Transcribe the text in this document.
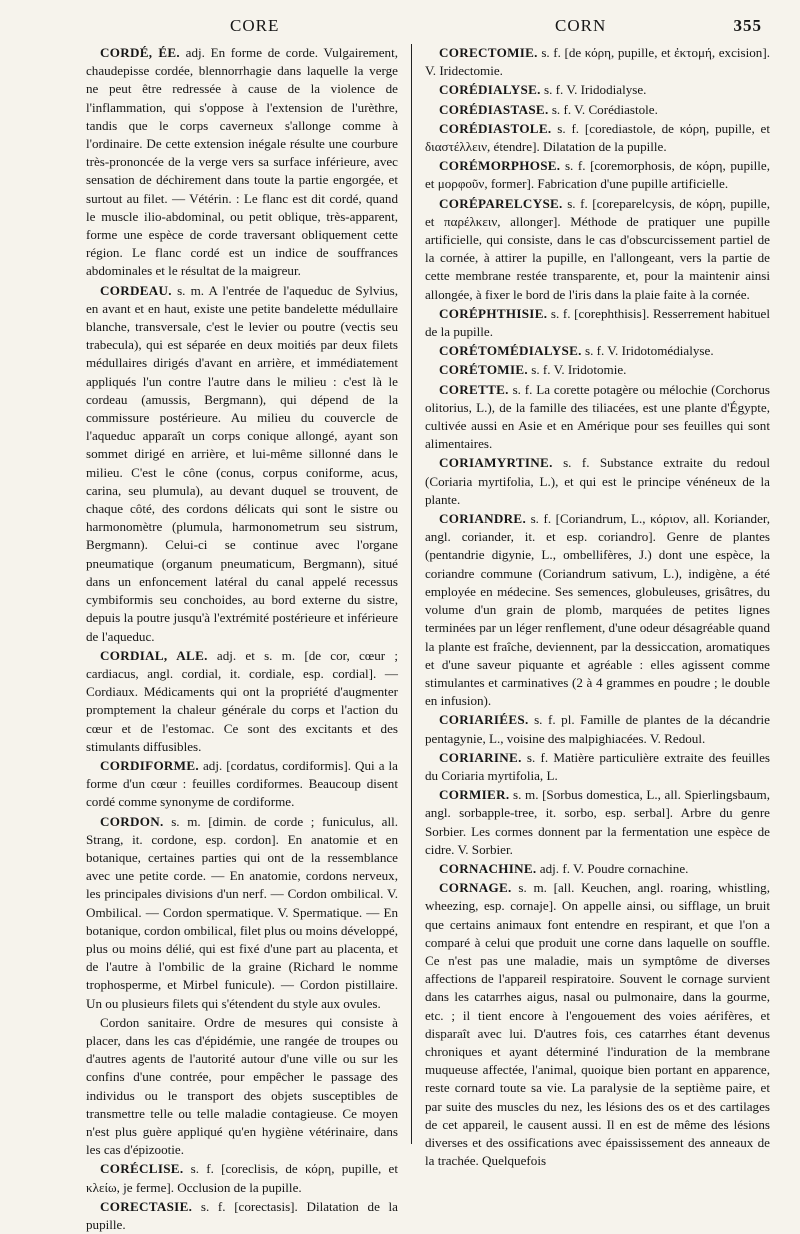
CORE	CORN	355

CORDÉ, ÉE. adj. En forme de corde. Vulgairement, chaudepisse cordée, blennorrhagie dans laquelle la verge ne peut être redressée à cause de la violence de l'inflammation, qui s'oppose à l'extension de l'urèthre, tandis que le corps caverneux s'allonge comme à l'ordinaire. De cette extension inégale résulte une courbure très-prononcée de la verge vers sa surface inférieure, avec sensation de déchirement dans toute la partie engorgée, et surtout au filet. — Vétérin. : Le flanc est dit cordé, quand le muscle ilio-abdominal, ou petit oblique, très-apparent, forme une espèce de corde traversant obliquement cette région. Le flanc cordé est un indice de souffrances abdominales et le résultat de la maigreur.

CORDEAU. s. m. A l'entrée de l'aqueduc de Sylvius, en avant et en haut, existe une petite bandelette médullaire blanche, transversale, c'est le levier ou poutre (vectis seu trabecula), qui est séparée en deux moitiés par deux filets médullaires dirigés d'avant en arrière, et immédiatement appliqués l'un contre l'autre dans le milieu : c'est là le cordeau (amussis, Bergmann), qui dépend de la commissure postérieure. Au milieu du couvercle de l'aqueduc apparaît un corps conique allongé, ayant son sommet dirigé en arrière, et lui-même sillonné dans le milieu. C'est le cône (conus, corpus coniforme, acus, carina, seu plumula), au devant duquel se trouvent, de chaque côté, des cordons délicats qui sont le sistre ou harmonomètre (plumula, harmonometrum seu sistrum, Bergmann). Celui-ci se continue avec l'organe pneumatique (organum pneumaticum, Bergmann), situé dans un enfoncement latéral du canal appelé recessus cymbiformis seu conchoides, au bord externe du sistre, depuis la poutre jusqu'à l'extrémité postérieure et inférieure de l'aqueduc.

CORDIAL, ALE. adj. et s. m. [de cor, cœur ; cardiacus, angl. cordial, it. cordiale, esp. cordial]. — Cordiaux. Médicaments qui ont la propriété d'augmenter promptement la chaleur générale du corps et l'action du cœur et de l'estomac. Ce sont des excitants et des stimulants diffusibles.

CORDIFORME. adj. [cordatus, cordiformis]. Qui a la forme d'un cœur : feuilles cordiformes. Beaucoup disent cordé comme synonyme de cordiforme.

CORDON. s. m. [dimin. de corde ; funiculus, all. Strang, it. cordone, esp. cordon]. En anatomie et en botanique, certaines parties qui ont de la ressemblance avec une petite corde. — En anatomie, cordons nerveux, les principales divisions d'un nerf. — Cordon ombilical. V. Ombilical. — Cordon spermatique. V. Spermatique. — En botanique, cordon ombilical, filet plus ou moins développé, plus ou moins délié, qui est fixé d'une part au placenta, et de l'autre à l'ombilic de la graine (Richard le nomme trophosperme, et Mirbel funicule). — Cordon pistillaire. Un ou plusieurs filets qui s'étendent du style aux ovules.

Cordon sanitaire. Ordre de mesures qui consiste à placer, dans les cas d'épidémie, une rangée de troupes ou d'autres agents de l'autorité autour d'une ville ou sur les confins d'une contrée, pour empêcher le passage des individus ou le transport des objets susceptibles de transmettre telle ou telle maladie contagieuse. Ce moyen n'est plus guère appliqué qu'en hygiène vétérinaire, dans les cas d'épizootie.

CORÉCLISE. s. f. [coreclisis, de κόρη, pupille, et κλείω, je ferme]. Occlusion de la pupille.

CORECTASIE. s. f. [corectasis]. Dilatation de la pupille.

CORECTOMIE. s. f. [de κόρη, pupille, et ἐκτομή, excision]. V. Iridectomie.

CORÉDIALYSE. s. f. V. Iridodialyse.

CORÉDIASTASE. s. f. V. Corédiastole.

CORÉDIASTOLE. s. f. [corediastole, de κόρη, pupille, et διαστέλλειν, étendre]. Dilatation de la pupille.

CORÉMORPHOSE. s. f. [coremorphosis, de κόρη, pupille, et μορφοῦν, former]. Fabrication d'une pupille artificielle.

CORÉPARELCYSE. s. f. [coreparelcysis, de κόρη, pupille, et παρέλκειν, allonger]. Méthode de pratiquer une pupille artificielle, qui consiste, dans le cas d'obscurcissement partiel de la cornée, à attirer la pupille, en l'allongeant, vers la partie de cette membrane restée transparente, et, pour la maintenir ainsi allongée, à fixer le bord de l'iris dans la plaie faite à la cornée.

CORÉPHTHISIE. s. f. [corephthisis]. Resserrement habituel de la pupille.

CORÉTOMÉDIALYSE. s. f. V. Iridotomédialyse.

CORÉTOMIE. s. f. V. Iridotomie.

CORETTE. s. f. La corette potagère ou mélochie (Corchorus olitorius, L.), de la famille des tiliacées, est une plante d'Égypte, cultivée aussi en Asie et en Amérique pour ses feuilles qui sont alimentaires.

CORIAMYRTINE. s. f. Substance extraite du redoul (Coriaria myrtifolia, L.), et qui est le principe vénéneux de la plante.

CORIANDRE. s. f. [Coriandrum, L., κόριον, all. Koriander, angl. coriander, it. et esp. coriandro]. Genre de plantes (pentandrie digynie, L., ombellifères, J.) dont une espèce, la coriandre commune (Coriandrum sativum, L.), indigène, a été employée en médecine. Ses semences, globuleuses, grisâtres, du volume d'un grain de plomb, marquées de petites lignes terminées par un léger renflement, d'une odeur désagréable quand la plante est fraîche, deviennent, par la dessiccation, aromatiques et d'une saveur piquante et agréable : elles agissent comme stimulantes et carminatives (2 à 4 grammes en poudre ; le double en infusion).

CORIARIÉES. s. f. pl. Famille de plantes de la décandrie pentagynie, L., voisine des malpighiacées. V. Redoul.

CORIARINE. s. f. Matière particulière extraite des feuilles du Coriaria myrtifolia, L.

CORMIER. s. m. [Sorbus domestica, L., all. Spierlingsbaum, angl. sorbapple-tree, it. sorbo, esp. serbal]. Arbre du genre Sorbier. Les cormes donnent par la fermentation une espèce de cidre. V. Sorbier.

CORNACHINE. adj. f. V. Poudre cornachine.

CORNAGE. s. m. [all. Keuchen, angl. roaring, whistling, wheezing, esp. cornaje]. On appelle ainsi, ou sifflage, un bruit que certains animaux font entendre en respirant, et que l'on a comparé à celui que produit une corne dans laquelle on souffle. Ce n'est pas une maladie, mais un symptôme de diverses affections de l'appareil respiratoire. Souvent le cornage survient dans les catarrhes aigus, nasal ou pulmonaire, dans la gourme, etc. ; il tient encore à l'engouement des voies aérifères, et disparaît avec lui. D'autres fois, ces catarrhes étant devenus chroniques et ayant déterminé l'induration de la membrane muqueuse affectée, l'animal, quoique bien portant en apparence, reste cornard toute sa vie. La paralysie de la septième paire, et par suite des muscles du nez, les lésions des os et des cartilages de cet appareil, le causent aussi. Il en est de même des lésions diverses et des ossifications avec épaississement des anneaux de la trachée. Quelquefois
